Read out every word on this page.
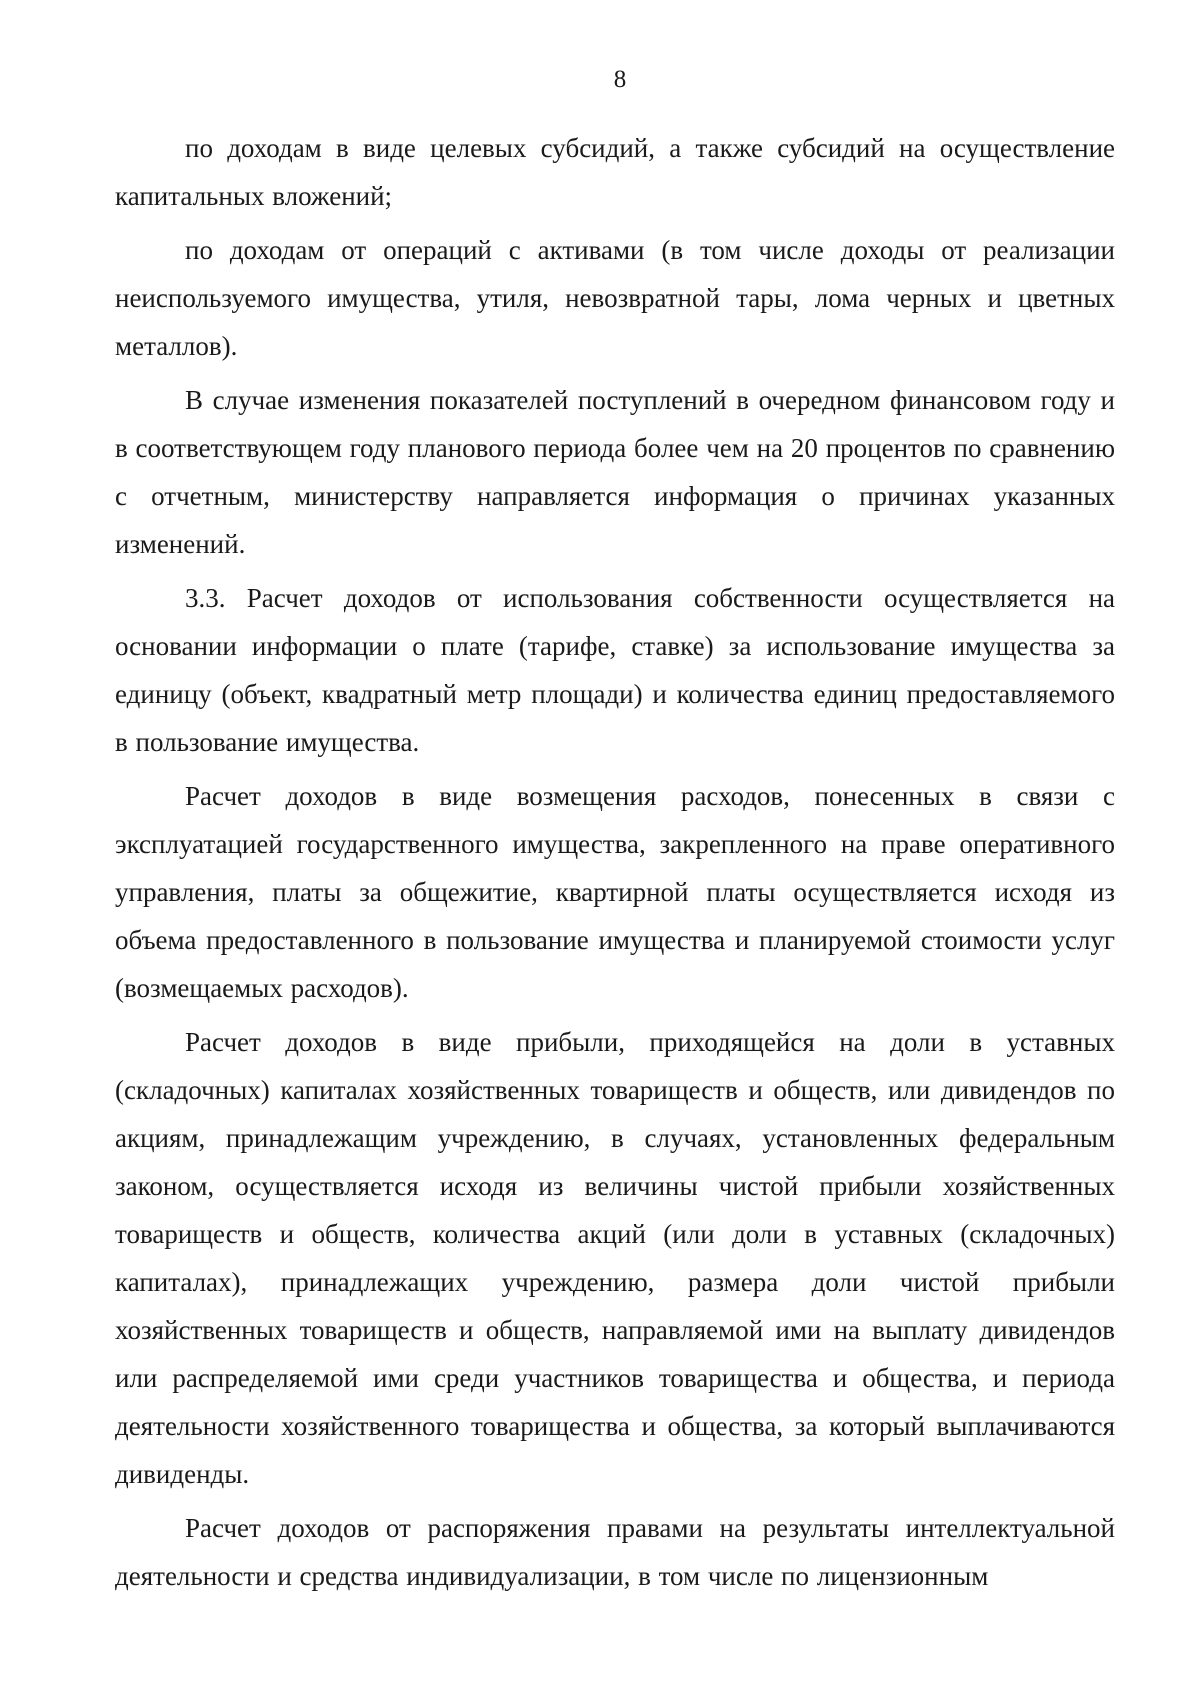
8

по доходам в виде целевых субсидий, а также субсидий на осуществление капитальных вложений;

по доходам от операций с активами (в том числе доходы от реализации неиспользуемого имущества, утиля, невозвратной тары, лома черных и цветных металлов).

В случае изменения показателей поступлений в очередном финансовом году и в соответствующем году планового периода более чем на 20 процентов по сравнению с отчетным, министерству направляется информация о причинах указанных изменений.

3.3. Расчет доходов от использования собственности осуществляется на основании информации о плате (тарифе, ставке) за использование имущества за единицу (объект, квадратный метр площади) и количества единиц предоставляемого в пользование имущества.

Расчет доходов в виде возмещения расходов, понесенных в связи с эксплуатацией государственного имущества, закрепленного на праве оперативного управления, платы за общежитие, квартирной платы осуществляется исходя из объема предоставленного в пользование имущества и планируемой стоимости услуг (возмещаемых расходов).

Расчет доходов в виде прибыли, приходящейся на доли в уставных (складочных) капиталах хозяйственных товариществ и обществ, или дивидендов по акциям, принадлежащим учреждению, в случаях, установленных федеральным законом, осуществляется исходя из величины чистой прибыли хозяйственных товариществ и обществ, количества акций (или доли в уставных (складочных) капиталах), принадлежащих учреждению, размера доли чистой прибыли хозяйственных товариществ и обществ, направляемой ими на выплату дивидендов или распределяемой ими среди участников товарищества и общества, и периода деятельности хозяйственного товарищества и общества, за который выплачиваются дивиденды.

Расчет доходов от распоряжения правами на результаты интеллектуальной деятельности и средства индивидуализации, в том числе по лицензионным
